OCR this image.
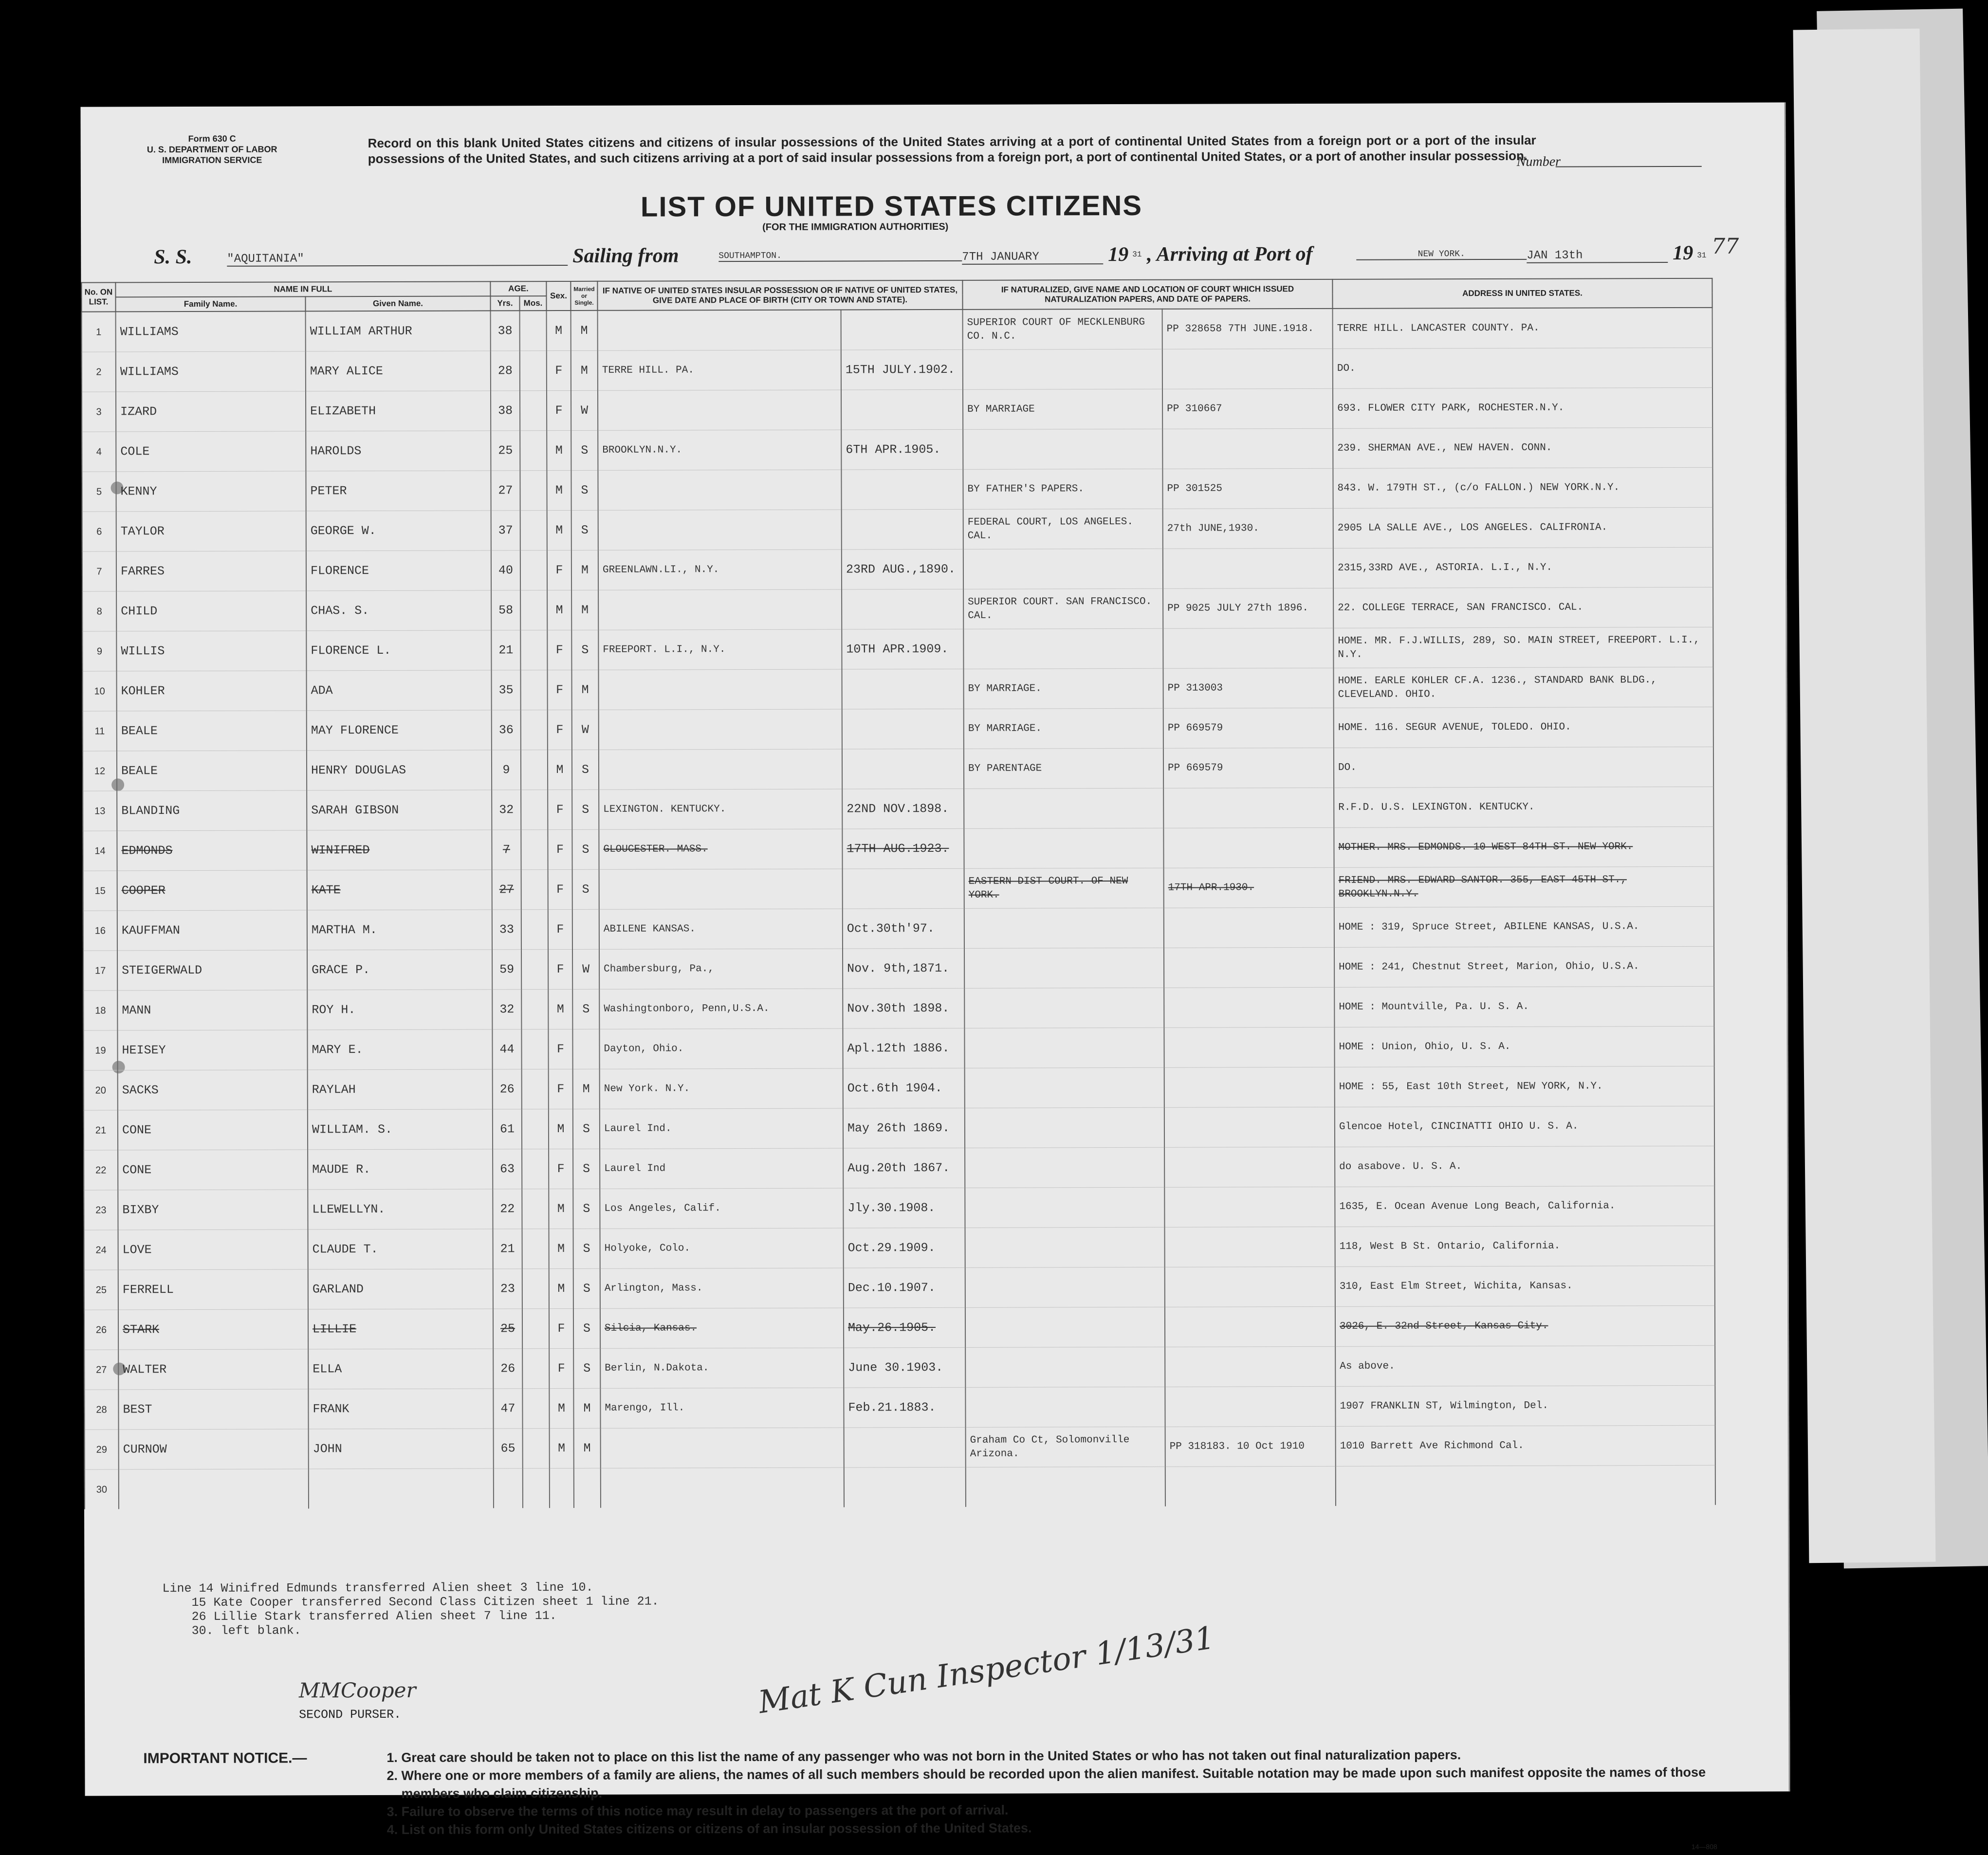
Form 630 C
U. S. DEPARTMENT OF LABOR
IMMIGRATION SERVICE
Record on this blank United States citizens and citizens of insular possessions of the United States arriving at a port of continental United States from a foreign port or a port of the insular possessions of the United States, and such citizens arriving at a port of said insular possessions from a foreign port, a port of continental United States, or a port of another insular possession.
Number
LIST OF UNITED STATES CITIZENS
(FOR THE IMMIGRATION AUTHORITIES)
S. S.	"AQUITANIA"	Sailing from	SOUTHAMPTON.	7TH JANUARY	19 31 , Arriving at Port of	NEW YORK.	JAN 13th	19 31 77
No. ON LIST.	NAME IN FULL		AGE.		Sex.	Married or Single.	IF NATIVE OF UNITED STATES INSULAR POSSESSION OR IF NATIVE OF UNITED STATES, GIVE DATE AND PLACE OF BIRTH (CITY OR TOWN AND STATE).		IF NATURALIZED, GIVE NAME AND LOCATION OF COURT WHICH ISSUED NATURALIZATION PAPERS, AND DATE OF PAPERS.		ADDRESS IN UNITED STATES.
	Family Name.	Given Name.	Yrs.	Mos.							
1	WILLIAMS	WILLIAM ARTHUR	38		M	M			SUPERIOR COURT OF MECKLENBURG CO. N.C.	PP 328658 7TH JUNE.1918.	TERRE HILL. LANCASTER COUNTY. PA.
2	WILLIAMS	MARY ALICE	28		F	M	TERRE HILL. PA.	15TH JULY.1902.			DO.
3	IZARD	ELIZABETH	38		F	W			BY MARRIAGE	PP 310667	693. FLOWER CITY PARK, ROCHESTER.N.Y.
4	COLE	HAROLDS	25		M	S	BROOKLYN.N.Y.	6TH APR.1905.			239. SHERMAN AVE., NEW HAVEN. CONN.
5	KENNY	PETER	27		M	S			BY FATHER'S PAPERS.	PP 301525	843. W. 179TH ST., (c/o FALLON.) NEW YORK.N.Y.
6	TAYLOR	GEORGE W.	37		M	S			FEDERAL COURT, LOS ANGELES. CAL.	27th JUNE,1930.	2905 LA SALLE AVE., LOS ANGELES. CALIFRONIA.
7	FARRES	FLORENCE	40		F	M	GREENLAWN.LI., N.Y.	23RD AUG.,1890.			2315,33RD AVE., ASTORIA. L.I., N.Y.
8	CHILD	CHAS. S.	58		M	M			SUPERIOR COURT. SAN FRANCISCO. CAL.	PP 9025 JULY 27th 1896.	22. COLLEGE TERRACE, SAN FRANCISCO. CAL.
9	WILLIS	FLORENCE L.	21		F	S	FREEPORT. L.I., N.Y.	10TH APR.1909.			HOME. MR. F.J.WILLIS, 289, SO. MAIN STREET, FREEPORT. L.I., N.Y.
10	KOHLER	ADA	35		F	M			BY MARRIAGE.	PP 313003	HOME. EARLE KOHLER CF.A. 1236., STANDARD BANK BLDG., CLEVELAND. OHIO.
11	BEALE	MAY FLORENCE	36		F	W			BY MARRIAGE.	PP 669579	HOME. 116. SEGUR AVENUE, TOLEDO. OHIO.
12	BEALE	HENRY DOUGLAS	9		M	S			BY PARENTAGE	PP 669579	DO.
13	BLANDING	SARAH GIBSON	32		F	S	LEXINGTON. KENTUCKY.	22ND NOV.1898.			R.F.D. U.S. LEXINGTON. KENTUCKY.
14	EDMONDS	WINIFRED	7		F	S	GLOUCESTER. MASS.	17TH AUG.1923.			MOTHER. MRS. EDMONDS. 10 WEST 84TH ST. NEW YORK.
15	COOPER	KATE	27		F	S			EASTERN DIST COURT. OF NEW YORK.	17TH APR.1930.	FRIEND. MRS. EDWARD SANTOR. 355, EAST 45TH ST., BROOKLYN.N.Y.
16	KAUFFMAN	MARTHA M.	33		F		ABILENE KANSAS.	Oct.30th'97.			HOME : 319, Spruce Street, ABILENE KANSAS, U.S.A.
17	STEIGERWALD	GRACE P.	59		F	W	Chambersburg, Pa.,	Nov. 9th,1871.			HOME : 241, Chestnut Street, Marion, Ohio, U.S.A.
18	MANN	ROY H.	32		M	S	Washingtonboro, Penn,U.S.A.	Nov.30th 1898.			HOME : Mountville, Pa. U. S. A.
19	HEISEY	MARY E.	44		F		Dayton, Ohio.	Apl.12th 1886.			HOME : Union, Ohio, U. S. A.
20	SACKS	RAYLAH	26		F	M	New York. N.Y.	Oct.6th 1904.			HOME : 55, East 10th Street, NEW YORK, N.Y.
21	CONE	WILLIAM. S.	61		M	S	Laurel Ind.	May 26th 1869.			Glencoe Hotel, CINCINATTI OHIO U. S. A.
22	CONE	MAUDE R.	63		F	S	Laurel Ind	Aug.20th 1867.			do asabove. U. S. A.
23	BIXBY	LLEWELLYN.	22		M	S	Los Angeles, Calif.	Jly.30.1908.			1635, E. Ocean Avenue Long Beach, California.
24	LOVE	CLAUDE T.	21		M	S	Holyoke, Colo.	Oct.29.1909.			118, West B St. Ontario, California.
25	FERRELL	GARLAND	23		M	S	Arlington, Mass.	Dec.10.1907.			310, East Elm Street, Wichita, Kansas.
26	STARK	LILLIE	25		F	S	Silcia, Kansas.	May.26.1905.			3026, E. 32nd Street, Kansas City.
27	WALTER	ELLA	26		F	S	Berlin, N.Dakota.	June 30.1903.			As above.
28	BEST	FRANK	47		M	M	Marengo, Ill.	Feb.21.1883.			1907 FRANKLIN ST, Wilmington, Del.
29	CURNOW	JOHN	65		M	M			Graham Co Ct, Solomonville Arizona.	PP 318183. 10 Oct 1910	1010 Barrett Ave Richmond Cal.
30											
Line 14 Winifred Edmunds transferred Alien sheet 3 line 10.
15 Kate Cooper transferred Second Class Citizen sheet 1 line 21.
26 Lillie Stark transferred Alien sheet 7 line 11.
30. left blank.
MMCooper
SECOND PURSER.	Mat K Cun Inspector 1/13/31
IMPORTANT NOTICE.—	1. Great care should be taken not to place on this list the name of any passenger who was not born in the United States or who has not taken out final naturalization papers.
2. Where one or more members of a family are aliens, the names of all such members should be recorded upon the alien manifest. Suitable notation may be made upon such manifest opposite the names of those members who claim citizenship.
3. Failure to observe the terms of this notice may result in delay to passengers at the port of arrival.
4. List on this form only United States citizens or citizens of an insular possession of the United States.
14—808
